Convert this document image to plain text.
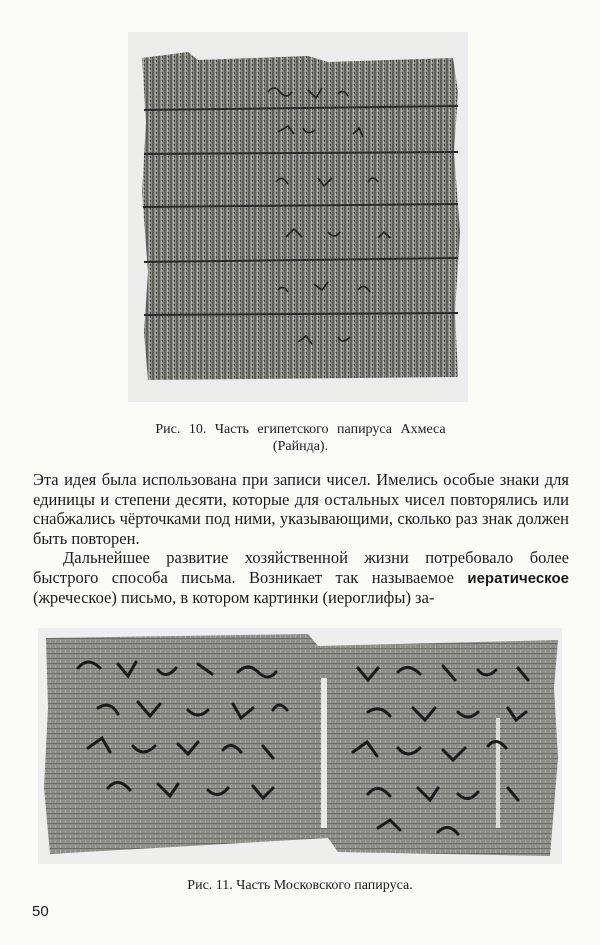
Рис. 10. Часть египетского папируса Ахмеса
(Райнда).

Эта идея была использована при записи чисел. Имелись особые знаки для единицы и степени десяти, которые для остальных чисел повторялись или снабжались чёрточками под ними, указывающими, сколько раз знак должен быть повторен.

Дальнейшее развитие хозяйственной жизни потребовало более быстрого способа письма. Возникает так называемое иератическое (жреческое) письмо, в котором картинки (иероглифы) за-

Рис. 11. Часть Московского папируса.
50
